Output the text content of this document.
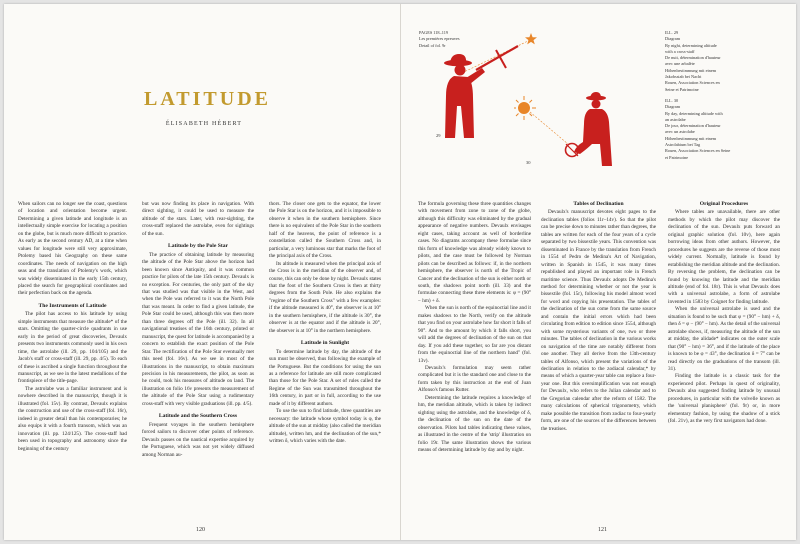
LATITUDE
ÉLISABETH HÉBERT

When sailors can no longer see the coast, questions of location and orientation become urgent. Determining a given latitude and longitude is an intellectually simple exercise for locating a position on the globe, but is much more difficult to practice. As early as the second century AD, at a time when values for longitude were still very approximate, Ptolemy based his Geography on these same coordinates. The needs of navigation on the high seas and the translation of Ptolemy's work, which was widely disseminated in the early 15th century, placed the search for geographical coordinates and their perfection back on the agenda.

The Instruments of Latitude

The pilot has access to his latitude by using simple instruments that measure the altitude* of the stars. Omitting the quarter-circle quadrants in use early in the period of great discoveries, Devaulx presents two instruments commonly used in his own time, the astrolabe (ill. 29, pp. 104/105) and the Jacob's staff or cross-staff (ill. 29, pp. 4/5). To each of these is ascribed a single function throughout the manuscript, as we see in the latest medallions of the frontispiece of the title-page.

The astrolabe was a familiar instrument and is nowhere described in the manuscript, though it is illustrated (fol. 15v). By contrast, Devaulx explains the construction and use of the cross-staff (fol. 16r), indeed in greater detail than his contemporaries; he also equips it with a fourth transom, which was an innovation (ill. pp. 124/125). The cross-staff had been used in topography and astronomy since the beginning of the century

but was now finding its place in navigation. With direct sighting, it could be used to measure the altitude of the stars. Later, with rear-sighting, the cross-staff replaced the astrolabe, even for sightings of the sun.

Latitude by the Pole Star

The practice of obtaining latitude by measuring the altitude of the Pole Star above the horizon had been known since Antiquity, and it was common practice for pilots of the late 15th century. Devaulx is no exception. For centuries, the only part of the sky that was studied was that visible in the West, and when the Pole was referred to it was the North Pole that was meant. In order to find a given latitude, the Pole Star could be used, although this was then more than three degrees off the Pole (ill. 32). In all navigational treatises of the 16th century, printed or manuscript, the quest for latitude is accompanied by a concern to establish the exact position of the Pole Star. The rectification of the Pole Star eventually met this need (fol. 16v). As we see in most of the illustrations in the manuscript, to obtain maximum precision in his measurements, the pilot, as soon as he could, took his measures of altitude on land. The illustration on folio 16v presents the measurement of the altitude of the Pole Star using a rudimentary cross-staff with very visible graduations (ill. pp. 4/5).

Latitude and the Southern Cross

Frequent voyages in the southern hemisphere forced sailors to discover other points of reference. Devaulx passes on the nautical expertise acquired by the Portuguese, which was not yet widely diffused among Norman au-

thors. The closer one gets to the equator, the lower the Pole Star is on the horizon, and it is impossible to observe it when in the southern hemisphere. Since there is no equivalent of the Pole Star in the southern half of the heavens, the point of reference is a constellation called the Southern Cross and, in particular, a very luminous star that marks the foot of the principal axis of the Cross.

Its altitude is measured when the principal axis of the Cross is in the meridian of the observer and, of course, this can only be done by night. Devaulx states that the foot of the Southern Cross is then at thirty degrees from the South Pole. He also explains the "regime of the Southern Cross" with a few examples: if the altitude measured is 40°, the observer is at 10° in the southern hemisphere, if the altitude is 30°, the observer is at the equator and if the altitude is 20°, the observer is at 10° in the northern hemisphere.

Latitude in Sunlight

To determine latitude by day, the altitude of the sun must be observed, thus following the example of the Portuguese. But the conditions for using the sun as a reference for latitude are still more complicated than those for the Pole Star. A set of rules called the Regime of the Sun was transmitted throughout the 16th century, in part or in full, according to the use made of it by different authors.

To use the sun to find latitude, three quantities are necessary: the latitude whose symbol today is φ, the altitude of the sun at midday (also called the meridian altitude), written hm, and the declination of the sun,* written δ, which varies with the date.

120
PAGES 118–119
Les premières epreuves
Detail of fol. 9r
ILL. 29
Diagram
By night, determining altitude
with a cross-staff
De nuit, détermination d'hauteur
avec une arbalète
Höhenbestimmung mit einem
Jakobsstab bei Nacht
Rouen, Association Sciences en
Seine et Patrimoine
ILL. 30
Diagram
By day, determining altitude with
an astrolabe
De jour, détermination d'hauteur
avec un astrolabe
Höhenbestimmung mit einem
Astrolabium bei Tag
Rouen, Association Sciences en Seine
et Patrimoine
29
30

The formula governing these three quantities changes with movement from zone to zone of the globe, although this difficulty was eliminated by the gradual appearance of negative numbers. Devaulx envisages eight cases, taking account as well of borderline cases. No diagrams accompany these formulae since this form of knowledge was already widely known to pilots, and the case must be followed by Norman pilots can be described as follows: if, in the northern hemisphere, the observer is north of the Tropic of Cancer and the declination of the sun is either north or south, the shadows point north (ill. 33) and the formulae connecting these three elements is: φ = (90° − hm) + δ.

When the sun is north of the equinoctial line and it makes shadows to the North, verify on the altitude that you find on your astrolabe how far short it falls of 90°. And to the amount by which it falls short, you will add the degrees of declination of the sun on that day. If you add these together, so far are you distant from the equinoctial line of the northern hand" (fol. 13v).

Devaulx's formulation may seem rather complicated but it is the standard one and close to the form taken by this instruction at the end of Juan Alfonso's famous Rutter.

Determining the latitude requires a knowledge of hm, the meridian altitude, which is taken by indirect sighting using the astrolabe, and the knowledge of δ, the declination of the sun on the date of the observation. Pilots had tables indicating these values, as illustrated in the centre of the 'strip' illustration on folio 19r. The same illustration shows the various means of determining latitude by day and by night.

Tables of Declination

Devaulx's manuscript devotes eight pages to the declination tables (folios 11r–14v). So that the pilot can be precise down to minutes rather than degrees, the tables are written for each of the four years of a cycle separated by two bissextile years. This convention was disseminated in France by the translation from French in 1554 of Pedro de Medina's Art of Navigation, written in Spanish in 1545, it was many times republished and played an important role in French maritime science. Thus Devaulx adopts De Medina's method for determining whether or not the year is bissextile (fol. 15r), following his model almost word for word and copying his presentation. The tables of the declination of the sun come from the same source and contain the initial errors which had been circulating from edition to edition since 1554, although with some mysterious variants of one, two or three minutes. The tables of declination in the various works on navigation of the time are notably different from one another. They all derive from the 13th-century tables of Alfonso, which present the variations of the declination in relation to the zodiacal calendar,* by means of which a quarter-year table can replace a four-year one. But this oversimplification was not enough for Devaulx, who refers to the Julian calendar and to the Gregorian calendar after the reform of 1582. The many calculations of spherical trigonometry, which make possible the transition from zodiac to four-yearly form, are one of the sources of the differences between the treatises.

Original Procedures

Where tables are unavailable, there are other methods by which the pilot may discover the declination of the sun. Devaulx puts forward an original graphic solution (fol. 10v), here again borrowing ideas from other authors. However, the procedures he suggests are the reverse of those most widely current. Normally, latitude is found by establishing the meridian altitude and the declination. By reversing the problem, the declination can be found by knowing the latitude and the meridian altitude (end of fol. 18r). This is what Devaulx does with a universal astrolabe, a form of astrolabe invented in 1583 by Coignet for finding latitude.

When the universal astrolabe is used and the situation is found to be such that φ = (90° − hm) + δ, then δ = φ − (90° − hm). As the detail of the universal astrolabe shows, if, measuring the altitude of the sun at midday, the alidade* indicates on the outer scale that (90° − hm) = 36°, and if the latitude of the place is known to be φ = 43°, the declination δ = 7° can be read directly on the graduations of the transom (ill. 31).

Finding the latitude is a classic task for the experienced pilot. Perhaps in quest of originality, Devaulx also suggested finding latitude by unusual procedures, in particular with the volvelle known as the 'universal planisphere' (fol. 9r) or, in more elementary fashion, by using the shadow of a stick (fol. 21v), as the very first navigators had done.

121
